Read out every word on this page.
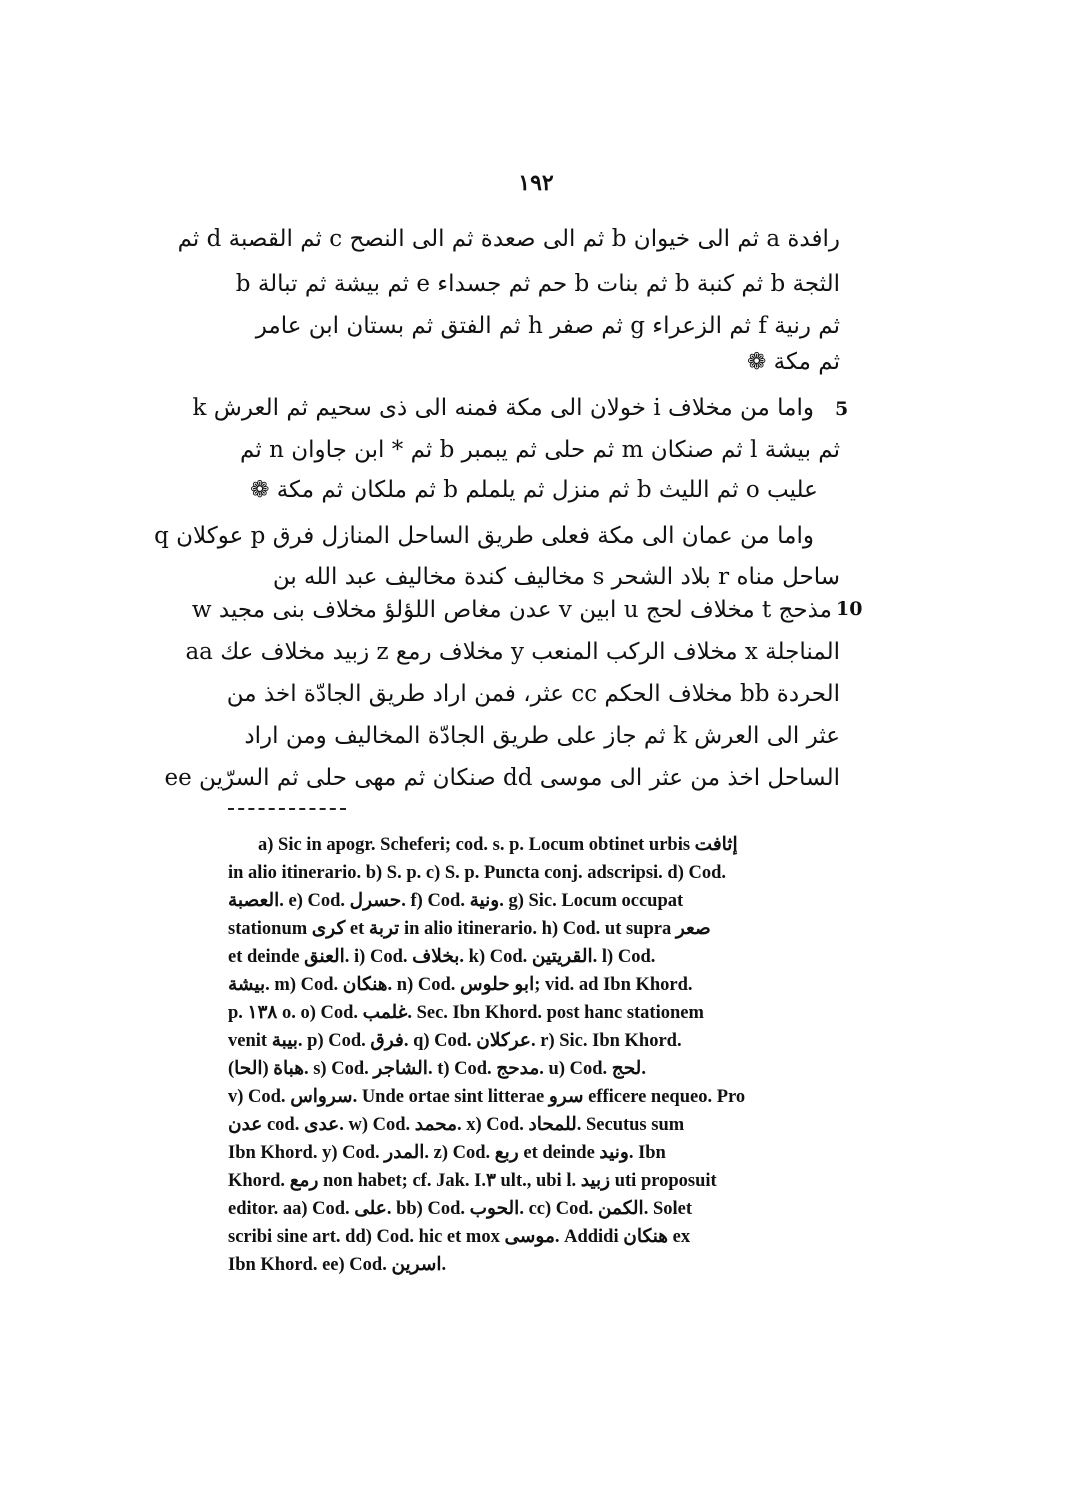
١٩٢
رافدة a ثم الى خيوان b ثم الى صعدة ثم الى النصح c ثم القصبة d ثم
الثجة b ثم كنبة b ثم بنات b حم ثم جسداء e ثم بيشة ثم تبالة b
ثم رنية f ثم الزعراء g ثم صفر h ثم الفتق ثم بستان ابن عامر
ثم مكة ❁
5
واما من مخلاف i خولان الى مكة فمنه الى ذى سحيم ثم العرش k
ثم بيشة l ثم صنكان m ثم حلى ثم يبمبر b ثم * ابن جاوان n ثم
عليب o ثم الليث b ثم منزل ثم يلملم b ثم ملكان ثم مكة ❁
واما من عمان الى مكة فعلى طريق الساحل المنازل فرق p عوكلان q
ساحل مناه r بلاد الشحر s مخاليف كندة مخاليف عبد الله بن
10
مذحج t مخلاف لحج u ابين v عدن مغاص اللؤلؤ مخلاف بنى مجيد w
المناجلة x مخلاف الركب المنعب y مخلاف رمع z زبيد مخلاف عك aa
الحردة bb مخلاف الحكم cc عثر، فمن اراد طريق الجادّة اخذ من
عثر الى العرش k ثم جاز على طريق الجادّة المخاليف ومن اراد
الساحل اخذ من عثر الى موسى dd صنكان ثم مهى حلى ثم السرّين ee
a) Sic in apogr. Scheferi; cod. s. p. Locum obtinet urbis إثافت
in alio itinerario. b) S. p. c) S. p. Puncta conj. adscripsi. d) Cod.
العصبة. e) Cod. حسرل. f) Cod. ونية. g) Sic. Locum occupat
stationum كرى et تربة in alio itinerario. h) Cod. ut supra صعر
et deinde العنق. i) Cod. بخلاف. k) Cod. القريتين. l) Cod.
بيشة. m) Cod. هنكان. n) Cod. ابو حلوس; vid. ad Ibn Khord.
p. ١٣٨ o. o) Cod. غلمب. Sec. Ibn Khord. post hanc stationem
venit بيبة. p) Cod. فرق. q) Cod. عركلان. r) Sic. Ibn Khord.
هباة (الحا). s) Cod. الشاجر. t) Cod. مدحج. u) Cod. لحج.
v) Cod. سرواس. Unde ortae sint litterae سرو efficere nequeo. Pro
عدن cod. عدى. w) Cod. محمد. x) Cod. للمحاد. Secutus sum
Ibn Khord. y) Cod. المدر. z) Cod. ربع et deinde ونيد. Ibn
Khord. رمع non habet; cf. Jak. I.٣ ult., ubi l. زبيد uti proposuit
editor. aa) Cod. على. bb) Cod. الحوب. cc) Cod. الكمن. Solet
scribi sine art. dd) Cod. hic et mox موسى. Addidi هنكان ex
Ibn Khord. ee) Cod. اسرين.
